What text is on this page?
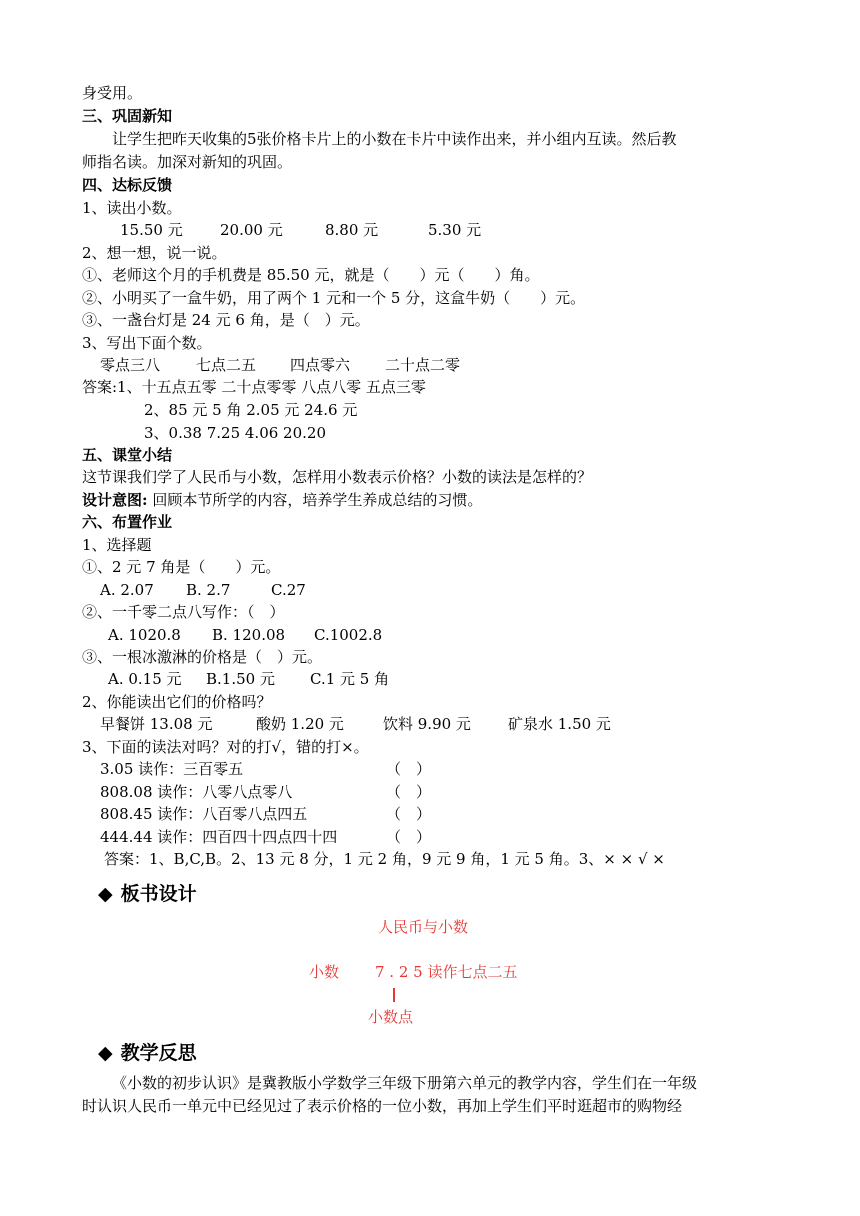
身受用。
三、巩固新知
让学生把昨天收集的5张价格卡片上的小数在卡片中读作出来，并小组内互读。然后教
师指名读。加深对新知的巩固。
四、达标反馈
1、读出小数。
15.50 元 20.00 元	8.80 元	5.30 元
2、想一想，说一说。
①、老师这个月的手机费是 85.50 元，就是（　　）元（　　）角。
②、小明买了一盒牛奶，用了两个 1 元和一个 5 分，这盒牛奶（　　）元。
③、一盏台灯是 24 元 6 角，是（　）元。
3、写出下面个数。
零点三八 七点二五 四点零六 二十点二零
答案:1、十五点五零 二十点零零 八点八零 五点三零
2、85 元 5 角 2.05 元 24.6 元
3、0.38 7.25 4.06 20.20
五、课堂小结
这节课我们学了人民币与小数，怎样用小数表示价格？小数的读法是怎样的？
设计意图: 回顾本节所学的内容，培养学生养成总结的习惯。
六、布置作业
1、选择题
①、2 元 7 角是（　　）元。
A. 2.07 B. 2.7	C.27
②、一千零二点八写作：（　）
A. 1020.8 B. 120.08 C.1002.8
③、一根冰激淋的价格是（　）元。
A. 0.15 元 B.1.50 元 C.1 元 5 角
2、你能读出它们的价格吗？
早餐饼 13.08 元	酸奶 1.20 元	饮料 9.90 元 矿泉水 1.50 元
3、下面的读法对吗？对的打√，错的打×。
3.05 读作：三百零五	（　）
808.08 读作：八零八点零八	（　）
808.45 读作：八百零八点四五	（　）
444.44 读作：四百四十四点四十四	（　）
答案：1、B,C,B。2、13 元 8 分，1 元 2 角，9 元 9 角，1 元 5 角。3、× × √ ×
◆ 板书设计
人民币与小数
小数 7 . 2 5 读作七点二五
小数点
◆ 教学反思
《小数的初步认识》是冀教版小学数学三年级下册第六单元的教学内容，学生们在一年级
时认识人民币一单元中已经见过了表示价格的一位小数，再加上学生们平时逛超市的购物经
